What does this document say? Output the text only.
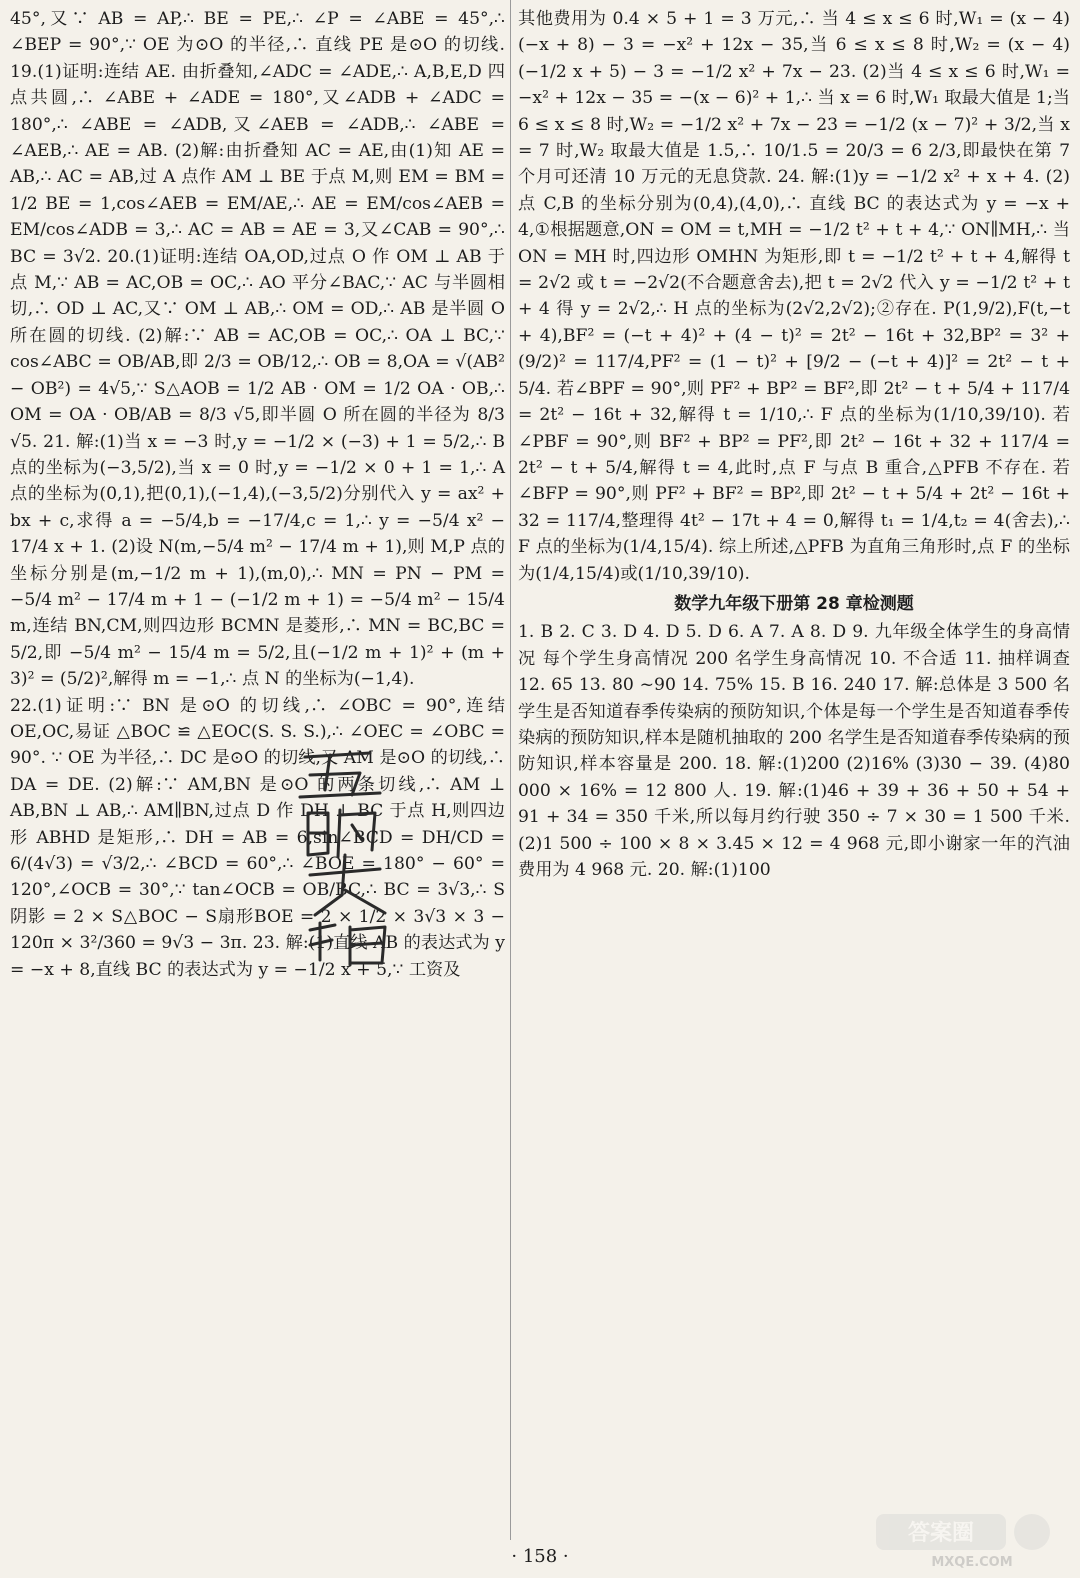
45°,又∵ AB = AP,∴ BE = PE,∴ ∠P = ∠ABE = 45°,∴ ∠BEP = 90°,∵ OE 为⊙O 的半径,∴ 直线 PE 是⊙O 的切线. 19.(1)证明:连结 AE. 由折叠知,∠ADC = ∠ADE,∴ A,B,E,D 四点共圆,∴ ∠ABE + ∠ADE = 180°,又∠ADB + ∠ADC = 180°,∴ ∠ABE = ∠ADB,又∠AEB = ∠ADB,∴ ∠ABE = ∠AEB,∴ AE = AB. (2)解:由折叠知 AC = AE,由(1)知 AE = AB,∴ AC = AB,过 A 点作 AM ⊥ BE 于点 M,则 EM = BM = 1/2 BE = 1,cos∠AEB = EM/AE,∴ AE = EM/cos∠AEB = EM/cos∠ADB = 3,∴ AC = AB = AE = 3,又∠CAB = 90°,∴ BC = 3√2. 20.(1)证明:连结 OA,OD,过点 O 作 OM ⊥ AB 于点 M,∵ AB = AC,OB = OC,∴ AO 平分∠BAC,∵ AC 与半圆相切,∴ OD ⊥ AC,又∵ OM ⊥ AB,∴ OM = OD,∴ AB 是半圆 O 所在圆的切线. (2)解:∵ AB = AC,OB = OC,∴ OA ⊥ BC,∵ cos∠ABC = OB/AB,即 2/3 = OB/12,∴ OB = 8,OA = √(AB² − OB²) = 4√5,∵ S△AOB = 1/2 AB · OM = 1/2 OA · OB,∴ OM = OA · OB/AB = 8/3 √5,即半圆 O 所在圆的半径为 8/3 √5. 21. 解:(1)当 x = −3 时,y = −1/2 × (−3) + 1 = 5/2,∴ B 点的坐标为(−3,5/2),当 x = 0 时,y = −1/2 × 0 + 1 = 1,∴ A 点的坐标为(0,1),把(0,1),(−1,4),(−3,5/2)分别代入 y = ax² + bx + c,求得 a = −5/4,b = −17/4,c = 1,∴ y = −5/4 x² − 17/4 x + 1. (2)设 N(m,−5/4 m² − 17/4 m + 1),则 M,P 点的坐标分别是(m,−1/2 m + 1),(m,0),∴ MN = PN − PM = −5/4 m² − 17/4 m + 1 − (−1/2 m + 1) = −5/4 m² − 15/4 m,连结 BN,CM,则四边形 BCMN 是菱形,∴ MN = BC,BC = 5/2,即 −5/4 m² − 15/4 m = 5/2,且(−1/2 m + 1)² + (m + 3)² = (5/2)²,解得 m = −1,∴ 点 N 的坐标为(−1,4).

22.(1)证明:∵ BN 是⊙O 的切线,∴ ∠OBC = 90°,连结 OE,OC,易证 △BOC ≌ △EOC(S. S. S.),∴ ∠OEC = ∠OBC = 90°. ∵ OE 为半径,∴ DC 是⊙O 的切线,又 AM 是⊙O 的切线,∴ DA = DE. (2)解:∵ AM,BN 是⊙O 的两条切线,∴ AM ⊥ AB,BN ⊥ AB,∴ AM∥BN,过点 D 作 DH ⊥ BC 于点 H,则四边形 ABHD 是矩形,∴ DH = AB = 6,sin∠BCD = DH/CD = 6/(4√3) = √3/2,∴ ∠BCD = 60°,∴ ∠BOE = 180° − 60° = 120°,∠OCB = 30°,∵ tan∠OCB = OB/BC,∴ BC = 3√3,∴ S阴影 = 2 × S△BOC − S扇形BOE = 2 × 1/2 × 3√3 × 3 − 120π × 3²/360 = 9√3 − 3π. 23. 解:(1)直线 AB 的表达式为 y = −x + 8,直线 BC 的表达式为 y = −1/2 x + 5,∵ 工资及

其他费用为 0.4 × 5 + 1 = 3 万元,∴ 当 4 ≤ x ≤ 6 时,W₁ = (x − 4)(−x + 8) − 3 = −x² + 12x − 35,当 6 ≤ x ≤ 8 时,W₂ = (x − 4)(−1/2 x + 5) − 3 = −1/2 x² + 7x − 23. (2)当 4 ≤ x ≤ 6 时,W₁ = −x² + 12x − 35 = −(x − 6)² + 1,∴ 当 x = 6 时,W₁ 取最大值是 1;当 6 ≤ x ≤ 8 时,W₂ = −1/2 x² + 7x − 23 = −1/2 (x − 7)² + 3/2,当 x = 7 时,W₂ 取最大值是 1.5,∴ 10/1.5 = 20/3 = 6 2/3,即最快在第 7 个月可还清 10 万元的无息贷款. 24. 解:(1)y = −1/2 x² + x + 4. (2)点 C,B 的坐标分别为(0,4),(4,0),∴ 直线 BC 的表达式为 y = −x + 4,①根据题意,ON = OM = t,MH = −1/2 t² + t + 4,∵ ON∥MH,∴ 当 ON = MH 时,四边形 OMHN 为矩形,即 t = −1/2 t² + t + 4,解得 t = 2√2 或 t = −2√2(不合题意舍去),把 t = 2√2 代入 y = −1/2 t² + t + 4 得 y = 2√2,∴ H 点的坐标为(2√2,2√2);②存在. P(1,9/2),F(t,−t + 4),BF² = (−t + 4)² + (4 − t)² = 2t² − 16t + 32,BP² = 3² + (9/2)² = 117/4,PF² = (1 − t)² + [9/2 − (−t + 4)]² = 2t² − t + 5/4. 若∠BPF = 90°,则 PF² + BP² = BF²,即 2t² − t + 5/4 + 117/4 = 2t² − 16t + 32,解得 t = 1/10,∴ F 点的坐标为(1/10,39/10). 若∠PBF = 90°,则 BF² + BP² = PF²,即 2t² − 16t + 32 + 117/4 = 2t² − t + 5/4,解得 t = 4,此时,点 F 与点 B 重合,△PFB 不存在. 若∠BFP = 90°,则 PF² + BF² = BP²,即 2t² − t + 5/4 + 2t² − 16t + 32 = 117/4,整理得 4t² − 17t + 4 = 0,解得 t₁ = 1/4,t₂ = 4(舍去),∴ F 点的坐标为(1/4,15/4). 综上所述,△PFB 为直角三角形时,点 F 的坐标为(1/4,15/4)或(1/10,39/10).

数学九年级下册第 28 章检测题

1. B 2. C 3. D 4. D 5. D 6. A 7. A 8. D 9. 九年级全体学生的身高情况 每个学生身高情况 200 名学生身高情况 10. 不合适 11. 抽样调查 12. 65 13. 80 ~90 14. 75% 15. B 16. 240 17. 解:总体是 3 500 名学生是否知道春季传染病的预防知识,个体是每一个学生是否知道春季传染病的预防知识,样本是随机抽取的 200 名学生是否知道春季传染病的预防知识,样本容量是 200. 18. 解:(1)200 (2)16% (3)30 − 39. (4)80 000 × 16% = 12 800 人. 19. 解:(1)46 + 39 + 36 + 50 + 54 + 91 + 34 = 350 千米,所以每月约行驶 350 ÷ 7 × 30 = 1 500 千米. (2)1 500 ÷ 100 × 8 × 3.45 × 12 = 4 968 元,即小谢家一年的汽油费用为 4 968 元. 20. 解:(1)100

· 158 ·
答案圈
MXQE.COM
